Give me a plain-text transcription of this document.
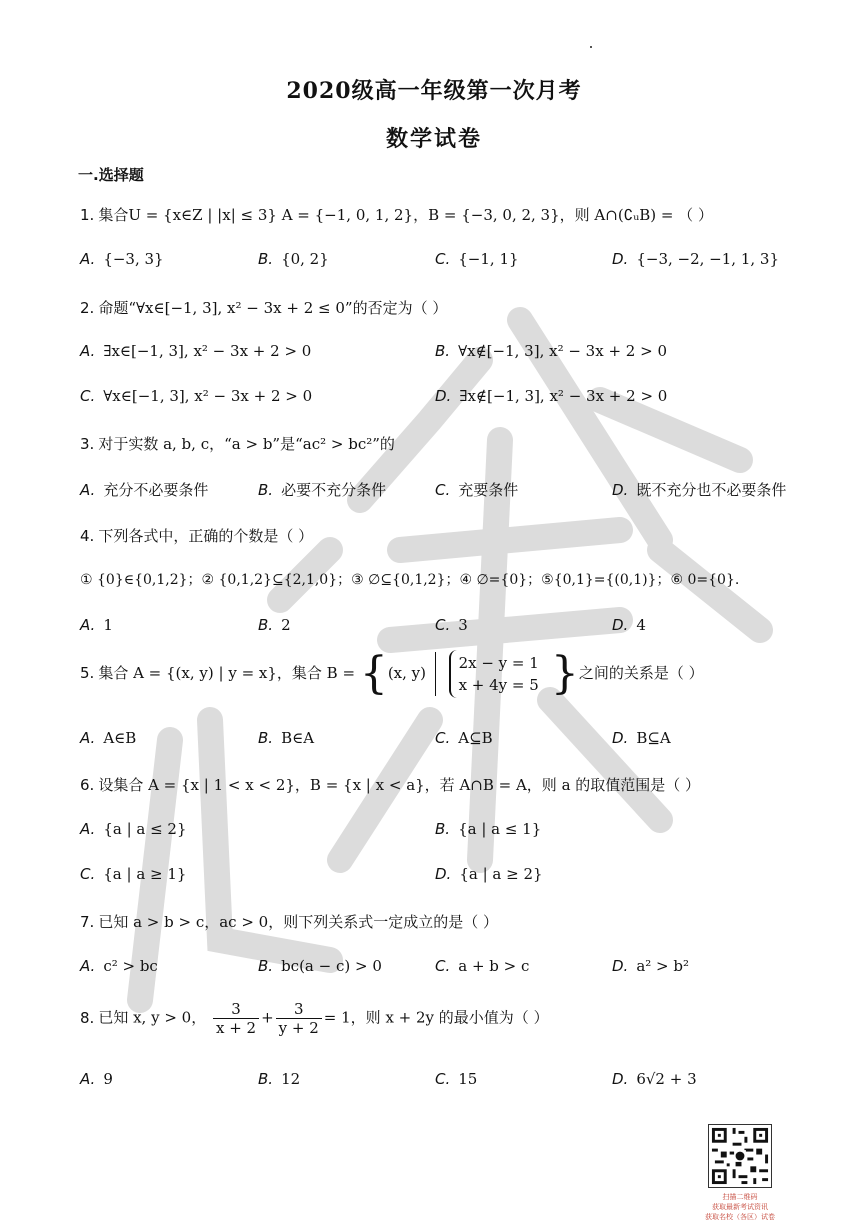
2020级高一年级第一次月考
数学试卷
一.选择题
1. 集合U = {x∈Z | |x| ≤ 3} A = {−1, 0, 1, 2}，B = {−3, 0, 2, 3}，则 A∩(∁ᵤB) = （ ）
A. {−3, 3}	B. {0, 2}	C. {−1, 1}	D. {−3, −2, −1, 1, 3}
2. 命题“∀x∈[−1, 3], x² − 3x + 2 ≤ 0”的否定为（ ）
A. ∃x∈[−1, 3], x² − 3x + 2 > 0	B. ∀x∉[−1, 3], x² − 3x + 2 > 0
C. ∀x∈[−1, 3], x² − 3x + 2 > 0	D. ∃x∉[−1, 3], x² − 3x + 2 > 0
3. 对于实数 a, b, c，“a > b”是“ac² > bc²”的
A. 充分不必要条件	B. 必要不充分条件	C. 充要条件	D. 既不充分也不必要条件
4. 下列各式中，正确的个数是（ ）
① {0}∈{0,1,2}；② {0,1,2}⊆{2,1,0}；③ ∅⊆{0,1,2}；④ ∅={0}；⑤{0,1}={(0,1)}；⑥ 0={0}.
A. 1	B. 2	C. 3	D. 4
5. 集合 A = {(x, y) | y = x}，集合 B = {(x, y)
2x − y = 1
x + 4y = 5 }之间的关系是（ ）
A. A∈B	B. B∈A	C. A⊆B	D. B⊆A
6. 设集合 A = {x | 1 < x < 2}，B = {x | x < a}，若 A∩B = A，则 a 的取值范围是（ ）
A. {a | a ≤ 2}	B. {a | a ≤ 1}
C. {a | a ≥ 1}	D. {a | a ≥ 2}
7. 已知 a > b > c，ac > 0，则下列关系式一定成立的是（ ）
A. c² > bc	B. bc(a − c) > 0	C. a + b > c	D. a² > b²
8. 已知 x, y > 0， $\frac{3}{x + 2} + \frac{3}{y + 2} = 1$，则 x + 2y 的最小值为（ ）
A. 9	B. 12	C. 15	D. 6√2 + 3
扫描二维码
获取最新考试资讯
获取名校（各区）试卷
